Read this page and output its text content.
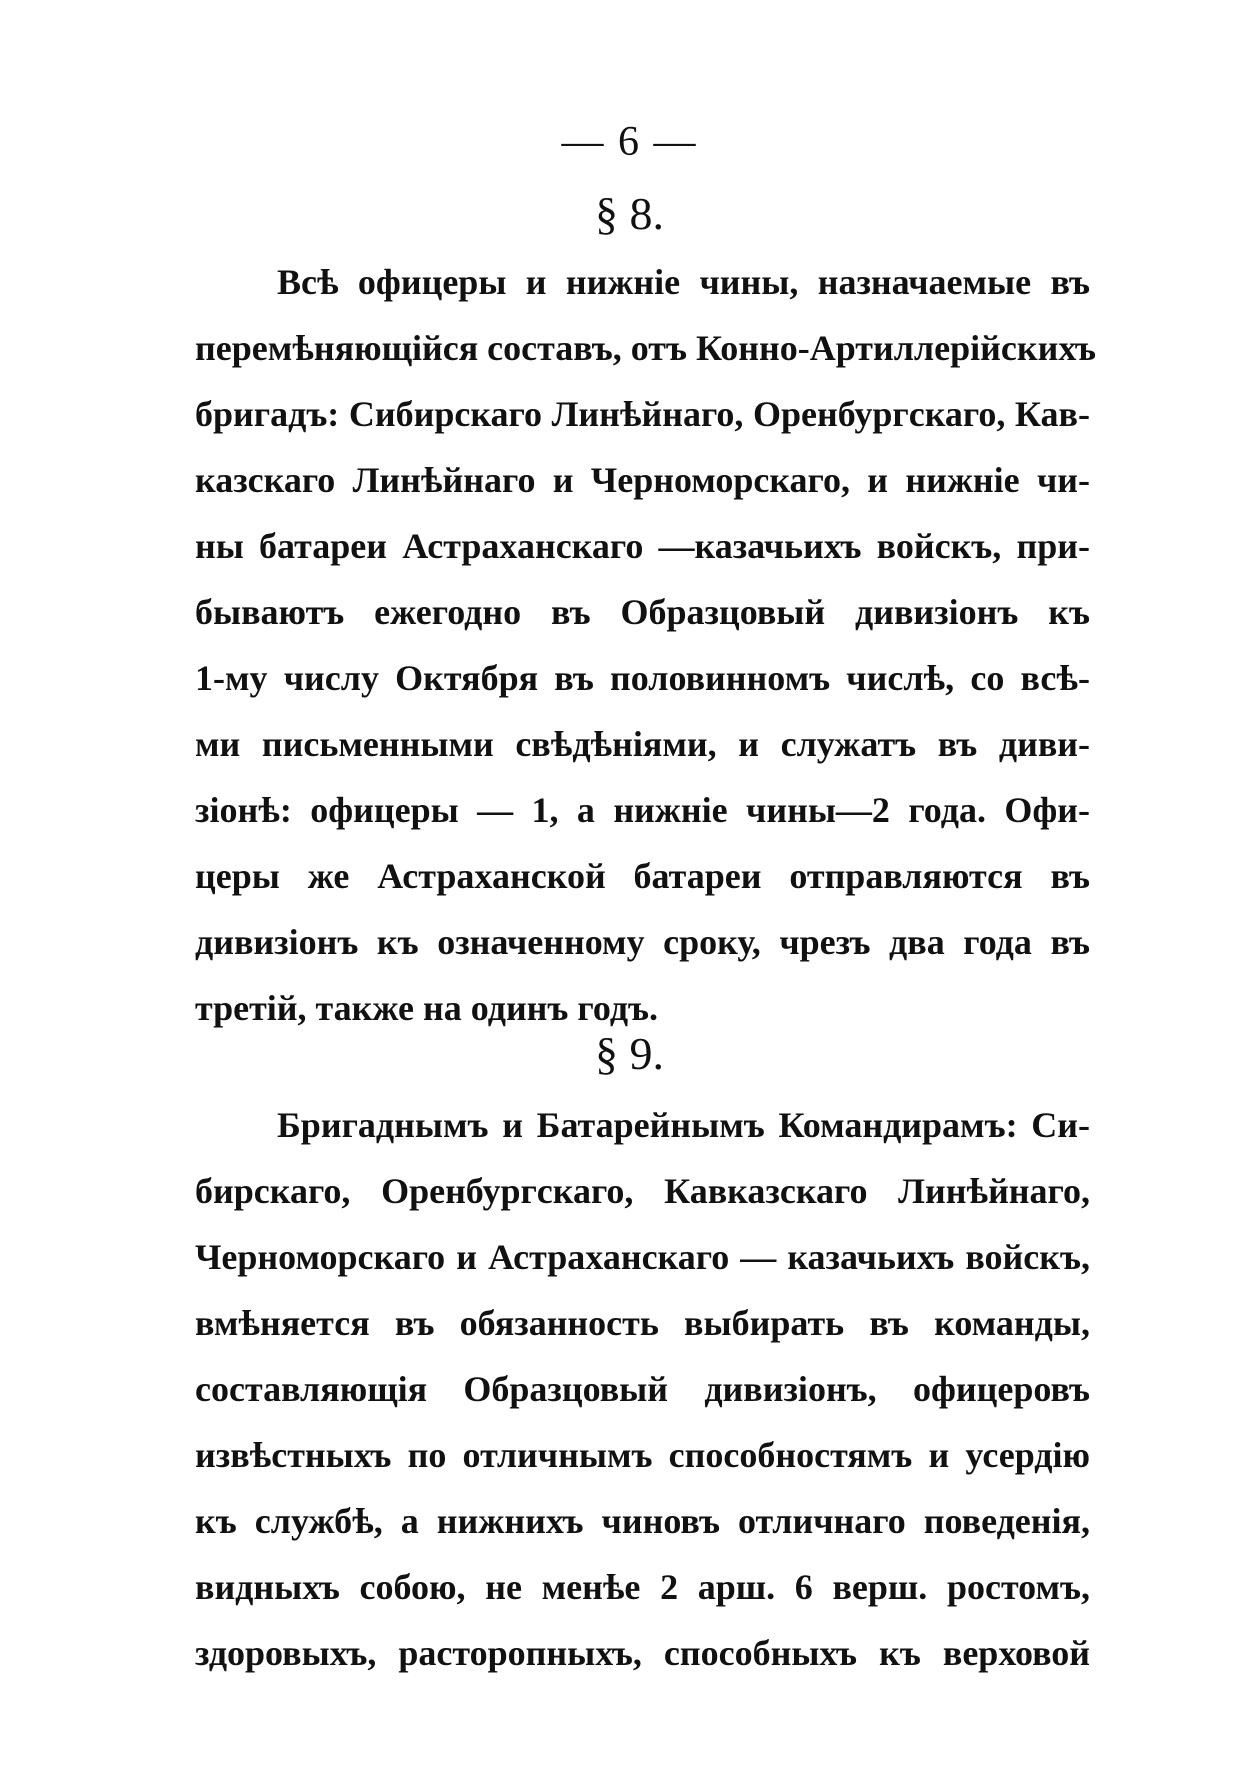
— 6 —
§ 8.
Всѣ офицеры и нижніе чины, назначаемые въ
перемѣняющійся составъ, отъ Конно-Артиллерійскихъ
бригадъ: Сибирскаго Линѣйнаго, Оренбургскаго, Кав-
казскаго Линѣйнаго и Черноморскаго, и нижніе чи-
ны батареи Астраханскаго —казачьихъ войскъ, при-
бываютъ ежегодно въ Образцовый дивизіонъ къ
1-му числу Октября въ половинномъ числѣ, со всѣ-
ми письменными свѣдѣніями, и служатъ въ диви-
зіонѣ: офицеры — 1, а нижніе чины—2 года. Офи-
церы же Астраханской батареи отправляются въ
дивизіонъ къ означенному сроку, чрезъ два года въ
третій, также на одинъ годъ.
§ 9.
Бригаднымъ и Батарейнымъ Командирамъ: Си-
бирскаго, Оренбургскаго, Кавказскаго Линѣйнаго,
Черноморскаго и Астраханскаго — казачьихъ войскъ,
вмѣняется въ обязанность выбирать въ команды,
составляющія Образцовый дивизіонъ, офицеровъ
извѣстныхъ по отличнымъ способностямъ и усердію
къ службѣ, а нижнихъ чиновъ отличнаго поведенія,
видныхъ собою, не менѣе 2 арш. 6 верш. ростомъ,
здоровыхъ, расторопныхъ, способныхъ къ верховой
